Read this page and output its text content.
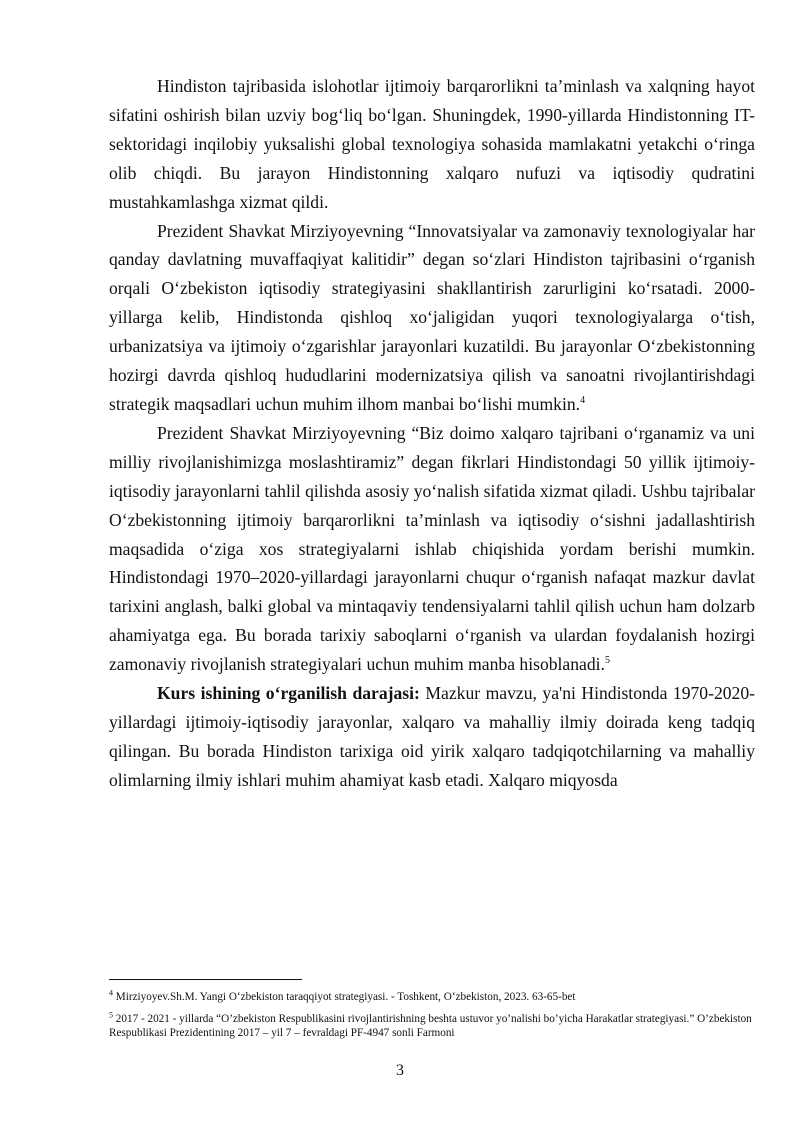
Hindiston tajribasida islohotlar ijtimoiy barqarorlikni ta’minlash va xalqning hayot sifatini oshirish bilan uzviy bog‘liq bo‘lgan. Shuningdek, 1990-yillarda Hindistonning IT-sektoridagi inqilobiy yuksalishi global texnologiya sohasida mamlakatni yetakchi o‘ringa olib chiqdi. Bu jarayon Hindistonning xalqaro nufuzi va iqtisodiy qudratini mustahkamlashga xizmat qildi.

Prezident Shavkat Mirziyoyevning “Innovatsiyalar va zamonaviy texnologiyalar har qanday davlatning muvaffaqiyat kalitidir” degan so‘zlari Hindiston tajribasini o‘rganish orqali O‘zbekiston iqtisodiy strategiyasini shakllantirish zarurligini ko‘rsatadi. 2000-yillarga kelib, Hindistonda qishloq xo‘jaligidan yuqori texnologiyalarga o‘tish, urbanizatsiya va ijtimoiy o‘zgarishlar jarayonlari kuzatildi. Bu jarayonlar O‘zbekistonning hozirgi davrda qishloq hududlarini modernizatsiya qilish va sanoatni rivojlantirishdagi strategik maqsadlari uchun muhim ilhom manbai bo‘lishi mumkin.$^4$

Prezident Shavkat Mirziyoyevning “Biz doimo xalqaro tajribani o‘rganamiz va uni milliy rivojlanishimizga moslashtiramiz” degan fikrlari Hindistondagi 50 yillik ijtimoiy-iqtisodiy jarayonlarni tahlil qilishda asosiy yo‘nalish sifatida xizmat qiladi. Ushbu tajribalar O‘zbekistonning ijtimoiy barqarorlikni ta’minlash va iqtisodiy o‘sishni jadallashtirish maqsadida o‘ziga xos strategiyalarni ishlab chiqishida yordam berishi mumkin. Hindistondagi 1970–2020-yillardagi jarayonlarni chuqur o‘rganish nafaqat mazkur davlat tarixini anglash, balki global va mintaqaviy tendensiyalarni tahlil qilish uchun ham dolzarb ahamiyatga ega. Bu borada tarixiy saboqlarni o‘rganish va ulardan foydalanish hozirgi zamonaviy rivojlanish strategiyalari uchun muhim manba hisoblanadi.$^5$

Kurs ishining o‘rganilish darajasi: Mazkur mavzu, ya'ni Hindistonda 1970-2020-yillardagi ijtimoiy-iqtisodiy jarayonlar, xalqaro va mahalliy ilmiy doirada keng tadqiq qilingan. Bu borada Hindiston tarixiga oid yirik xalqaro tadqiqotchilarning va mahalliy olimlarning ilmiy ishlari muhim ahamiyat kasb etadi. Xalqaro miqyosda

$^4$ Mirziyoyev.Sh.M. Yangi O‘zbekiston taraqqiyot strategiyasi. - Toshkent, O‘zbekiston, 2023. 63-65-bet

$^5$ 2017 - 2021 - yillarda “O’zbekiston Respublikasini rivojlantirishning beshta ustuvor yo’nalishi bo’yicha Harakatlar strategiyasi.” O’zbekiston Respublikasi Prezidentining 2017 – yil 7 – fevraldagi PF-4947 sonli Farmoni

3
